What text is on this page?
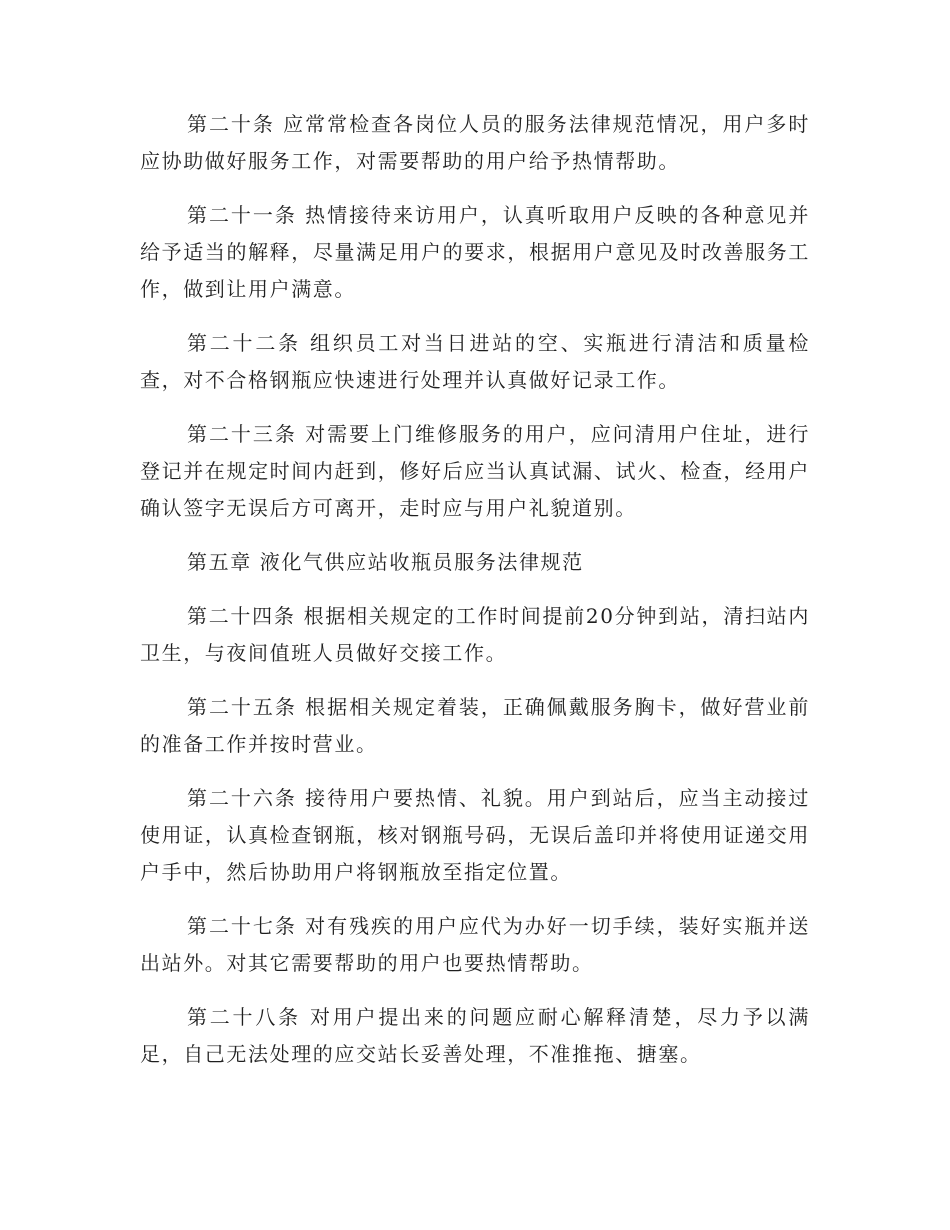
第二十条 应常常检查各岗位人员的服务法律规范情况，用户多时应协助做好服务工作，对需要帮助的用户给予热情帮助。

第二十一条 热情接待来访用户，认真听取用户反映的各种意见并给予适当的解释，尽量满足用户的要求，根据用户意见及时改善服务工作，做到让用户满意。

第二十二条 组织员工对当日进站的空、实瓶进行清洁和质量检查，对不合格钢瓶应快速进行处理并认真做好记录工作。

第二十三条 对需要上门维修服务的用户，应问清用户住址，进行登记并在规定时间内赶到，修好后应当认真试漏、试火、检查，经用户确认签字无误后方可离开，走时应与用户礼貌道别。

第五章 液化气供应站收瓶员服务法律规范

第二十四条 根据相关规定的工作时间提前20分钟到站，清扫站内卫生，与夜间值班人员做好交接工作。

第二十五条 根据相关规定着装，正确佩戴服务胸卡，做好营业前的准备工作并按时营业。

第二十六条 接待用户要热情、礼貌。用户到站后，应当主动接过使用证，认真检查钢瓶，核对钢瓶号码，无误后盖印并将使用证递交用户手中，然后协助用户将钢瓶放至指定位置。

第二十七条 对有残疾的用户应代为办好一切手续，装好实瓶并送出站外。对其它需要帮助的用户也要热情帮助。

第二十八条 对用户提出来的问题应耐心解释清楚，尽力予以满足，自己无法处理的应交站长妥善处理，不准推拖、搪塞。
